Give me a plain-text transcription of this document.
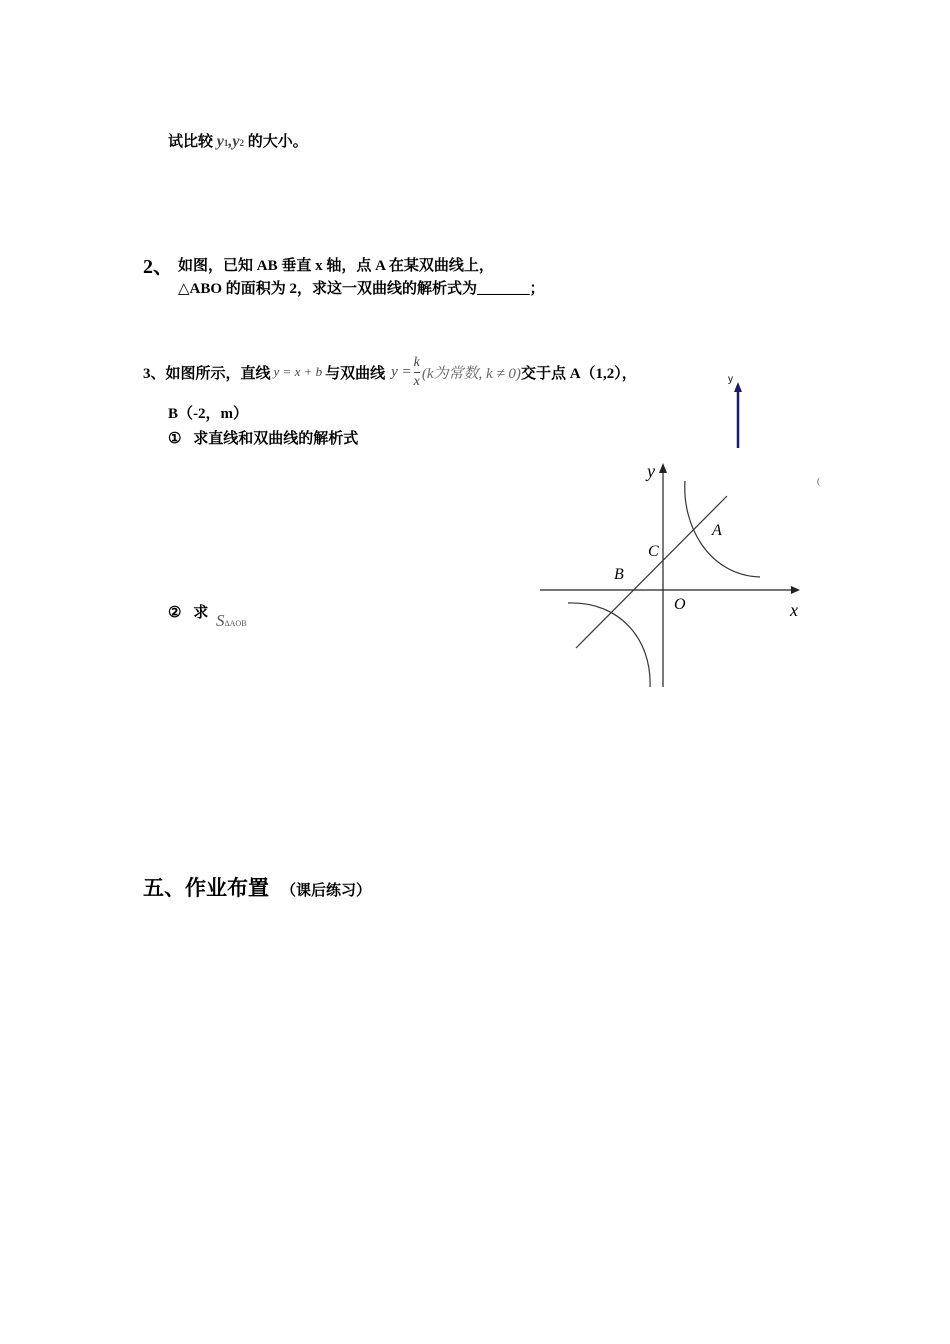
试比较 y1,y2 的大小。
2、 如图，已知 AB 垂直 x 轴，点 A 在某双曲线上，
△ABO 的面积为 2，求这一双曲线的解析式为_______；
3、 如图所示，直线 y = x + b 与双曲线 $y = \frac{k}{x} (k$为常数, k ≠ 0) 交于点 A（1,2），
B（-2，m）
① 求直线和双曲线的解析式
② 求 SΔAOB
y
(
y
x
O
A
B
C
五、作业布置 （课后练习）
